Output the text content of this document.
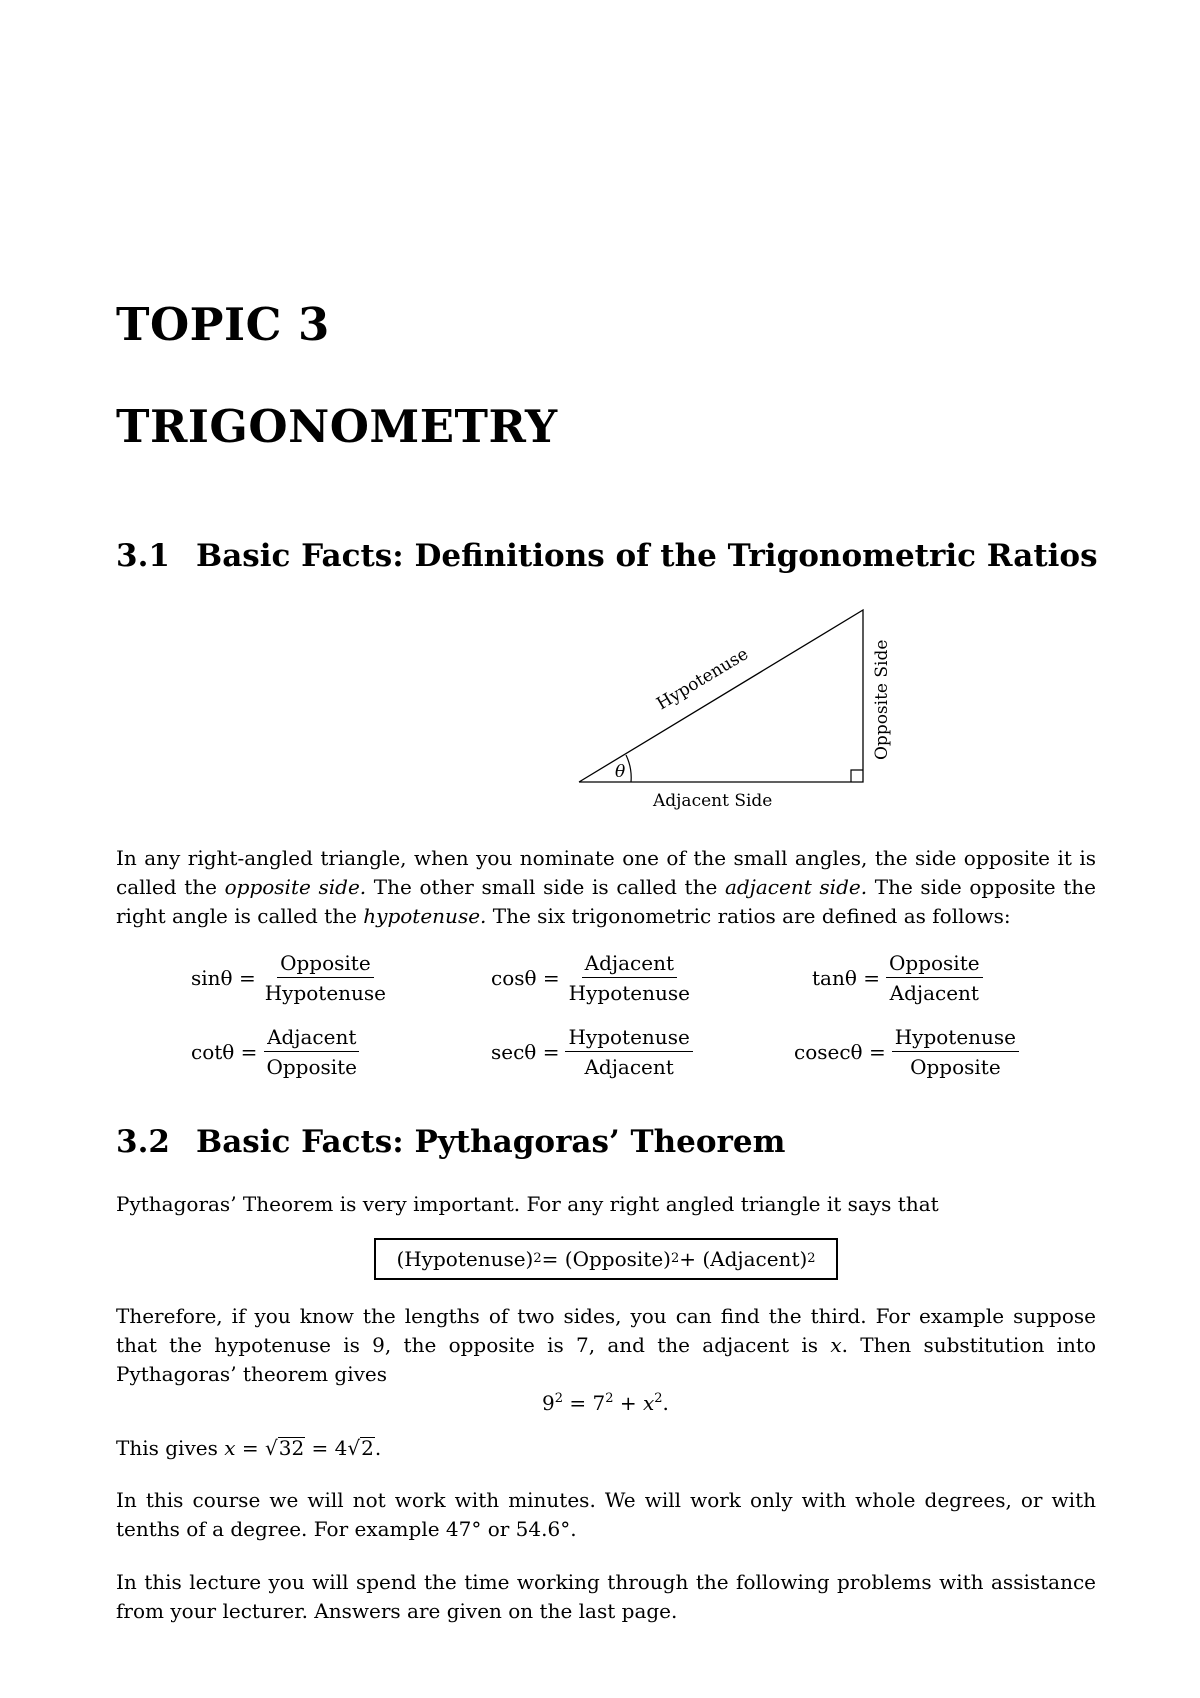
TOPIC 3
TRIGONOMETRY
3.1 Basic Facts: Definitions of the Trigonometric Ratios
θ
Hypotenuse	Opposite Side
Adjacent Side
In any right-angled triangle, when you nominate one of the small angles, the side opposite it is called the opposite side. The other small side is called the adjacent side. The side opposite the right angle is called the hypotenuse. The six trigonometric ratios are defined as follows:
$\sin\theta = \frac{\text{Opposite}}{\text{Hypotenuse}}$	$\cos\theta = \frac{\text{Adjacent}}{\text{Hypotenuse}}$	$\tan\theta = \frac{\text{Opposite}}{\text{Adjacent}}$
$\cot\theta = \frac{\text{Adjacent}}{\text{Opposite}}$	$\sec\theta = \frac{\text{Hypotenuse}}{\text{Adjacent}}$	$cosec\theta = \frac{\text{Hypotenuse}}{\text{Opposite}}$
3.2 Basic Facts: Pythagoras’ Theorem
Pythagoras’ Theorem is very important. For any right angled triangle it says that
(Hypotenuse) 2 = (Opposite) 2 + (Adjacent) 2
Therefore, if you know the lengths of two sides, you can find the third. For example suppose that the hypotenuse is 9, the opposite is 7, and the adjacent is x. Then substitution into Pythagoras’ theorem gives
$9^2 = 7^2 + x^2$.
This gives x = √32 = 4√2.
In this course we will not work with minutes. We will work only with whole degrees, or with tenths of a degree. For example 47° or 54.6°.
In this lecture you will spend the time working through the following problems with assistance from your lecturer. Answers are given on the last page.
